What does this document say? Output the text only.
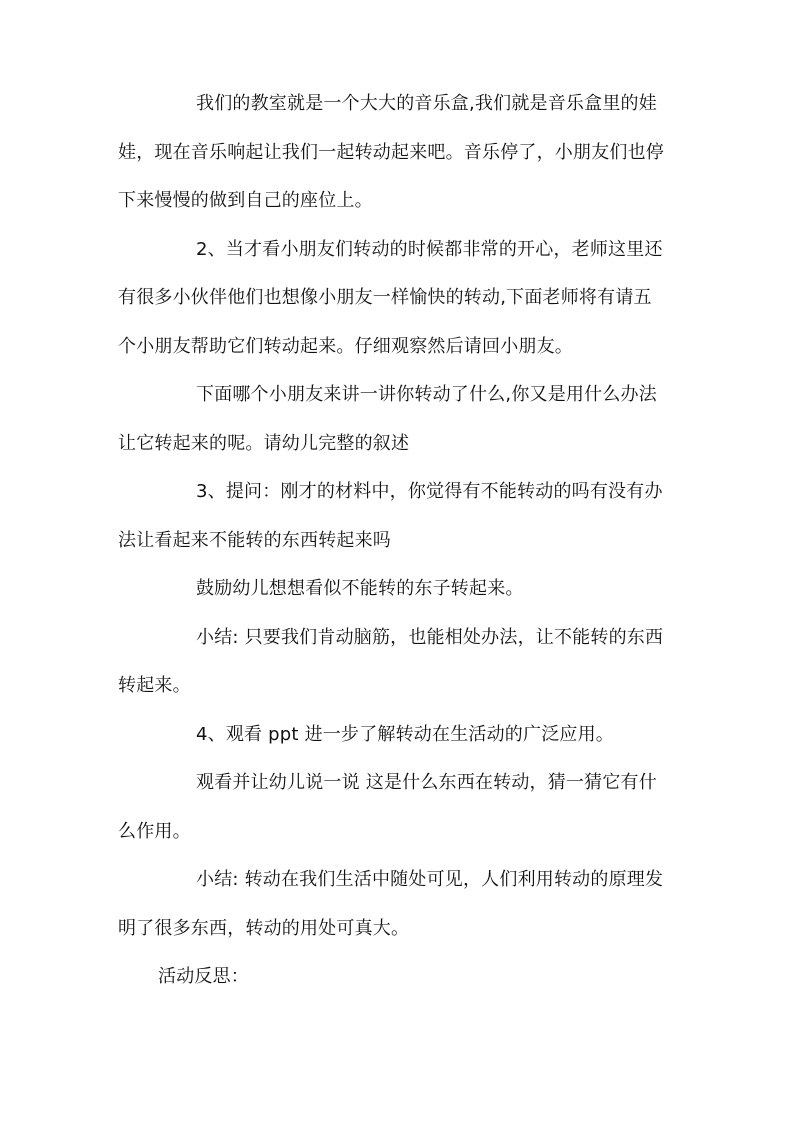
我们的教室就是一个大大的音乐盒,我们就是音乐盒里的娃
娃，现在音乐响起让我们一起转动起来吧。音乐停了，小朋友们也停
下来慢慢的做到自己的座位上。
2、当才看小朋友们转动的时候都非常的开心，老师这里还
有很多小伙伴他们也想像小朋友一样愉快的转动,下面老师将有请五
个小朋友帮助它们转动起来。仔细观察然后请回小朋友。
下面哪个小朋友来讲一讲你转动了什么,你又是用什么办法
让它转起来的呢。请幼儿完整的叙述
3、提问：刚才的材料中，你觉得有不能转动的吗有没有办
法让看起来不能转的东西转起来吗
鼓励幼儿想想看似不能转的东子转起来。
小结: 只要我们肯动脑筋，也能相处办法，让不能转的东西
转起来。
4、观看 ppt 进一步了解转动在生活动的广泛应用。
观看并让幼儿说一说 这是什么东西在转动，猜一猜它有什
么作用。
小结: 转动在我们生活中随处可见，人们利用转动的原理发
明了很多东西，转动的用处可真大。
活动反思：
